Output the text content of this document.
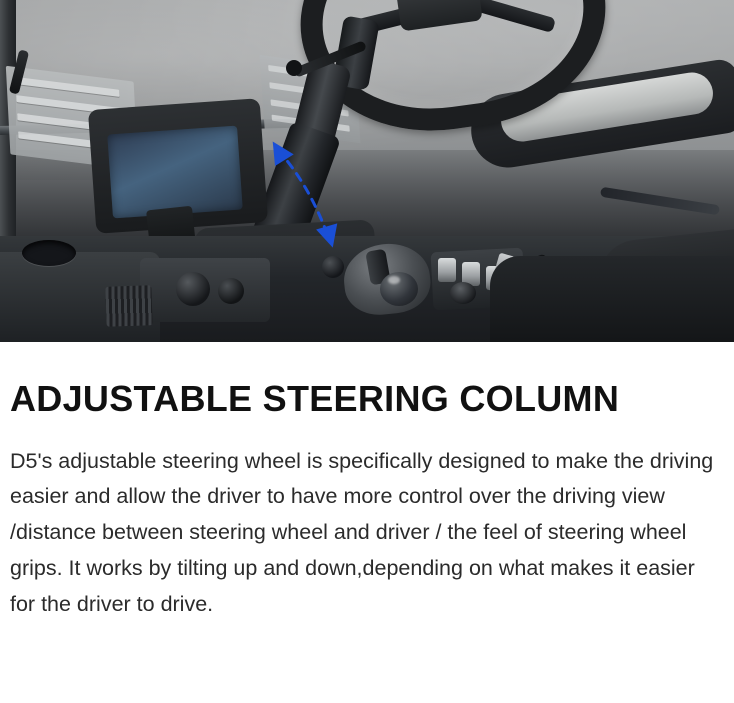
ADJUSTABLE STEERING COLUMN

D5's adjustable steering wheel is specifically designed to make the driving easier and allow the driver to have more control over the driving view /distance between steering wheel and driver / the feel of steering wheel grips. It works by tilting up and down,depending on what makes it easier for the driver to drive.
